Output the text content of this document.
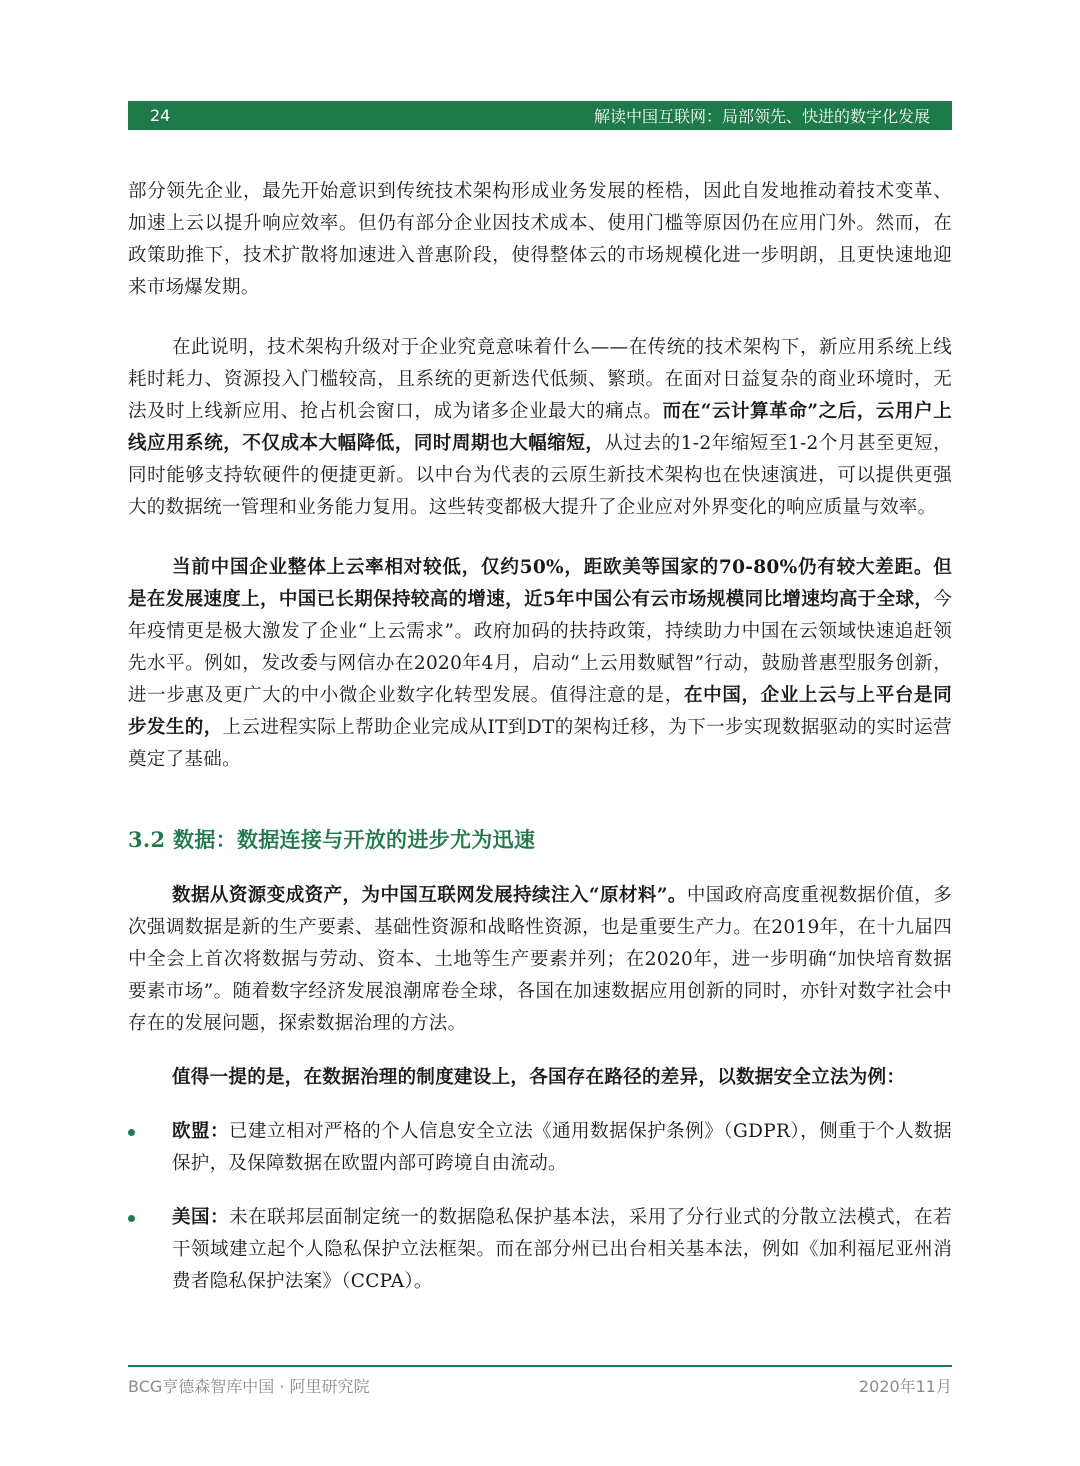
24	解读中国互联网：局部领先、快进的数字化发展

部分领先企业，最先开始意识到传统技术架构形成业务发展的桎梏，因此自发地推动着技术变革、加速上云以提升响应效率。但仍有部分企业因技术成本、使用门槛等原因仍在应用门外。然而，在政策助推下，技术扩散将加速进入普惠阶段，使得整体云的市场规模化进一步明朗，且更快速地迎来市场爆发期。

在此说明，技术架构升级对于企业究竟意味着什么——在传统的技术架构下，新应用系统上线耗时耗力、资源投入门槛较高，且系统的更新迭代低频、繁琐。在面对日益复杂的商业环境时，无法及时上线新应用、抢占机会窗口，成为诸多企业最大的痛点。而在“云计算革命”之后，云用户上线应用系统，不仅成本大幅降低，同时周期也大幅缩短，从过去的1-2年缩短至1-2个月甚至更短，同时能够支持软硬件的便捷更新。以中台为代表的云原生新技术架构也在快速演进，可以提供更强大的数据统一管理和业务能力复用。这些转变都极大提升了企业应对外界变化的响应质量与效率。

当前中国企业整体上云率相对较低，仅约50%，距欧美等国家的70-80%仍有较大差距。但是在发展速度上，中国已长期保持较高的增速，近5年中国公有云市场规模同比增速均高于全球，今年疫情更是极大激发了企业“上云需求”。政府加码的扶持政策，持续助力中国在云领域快速追赶领先水平。例如，发改委与网信办在2020年4月，启动“上云用数赋智”行动，鼓励普惠型服务创新，进一步惠及更广大的中小微企业数字化转型发展。值得注意的是，在中国，企业上云与上平台是同步发生的，上云进程实际上帮助企业完成从IT到DT的架构迁移，为下一步实现数据驱动的实时运营奠定了基础。

3.2 数据：数据连接与开放的进步尤为迅速

数据从资源变成资产，为中国互联网发展持续注入“原材料”。中国政府高度重视数据价值，多次强调数据是新的生产要素、基础性资源和战略性资源，也是重要生产力。在2019年，在十九届四中全会上首次将数据与劳动、资本、土地等生产要素并列；在2020年，进一步明确“加快培育数据要素市场”。随着数字经济发展浪潮席卷全球，各国在加速数据应用创新的同时，亦针对数字社会中存在的发展问题，探索数据治理的方法。

值得一提的是，在数据治理的制度建设上，各国存在路径的差异，以数据安全立法为例：

欧盟：已建立相对严格的个人信息安全立法《通用数据保护条例》（GDPR），侧重于个人数据保护，及保障数据在欧盟内部可跨境自由流动。

美国：未在联邦层面制定统一的数据隐私保护基本法，采用了分行业式的分散立法模式，在若干领域建立起个人隐私保护立法框架。而在部分州已出台相关基本法，例如《加利福尼亚州消费者隐私保护法案》（CCPA）。

BCG亨德森智库中国 · 阿里研究院	2020年11月
